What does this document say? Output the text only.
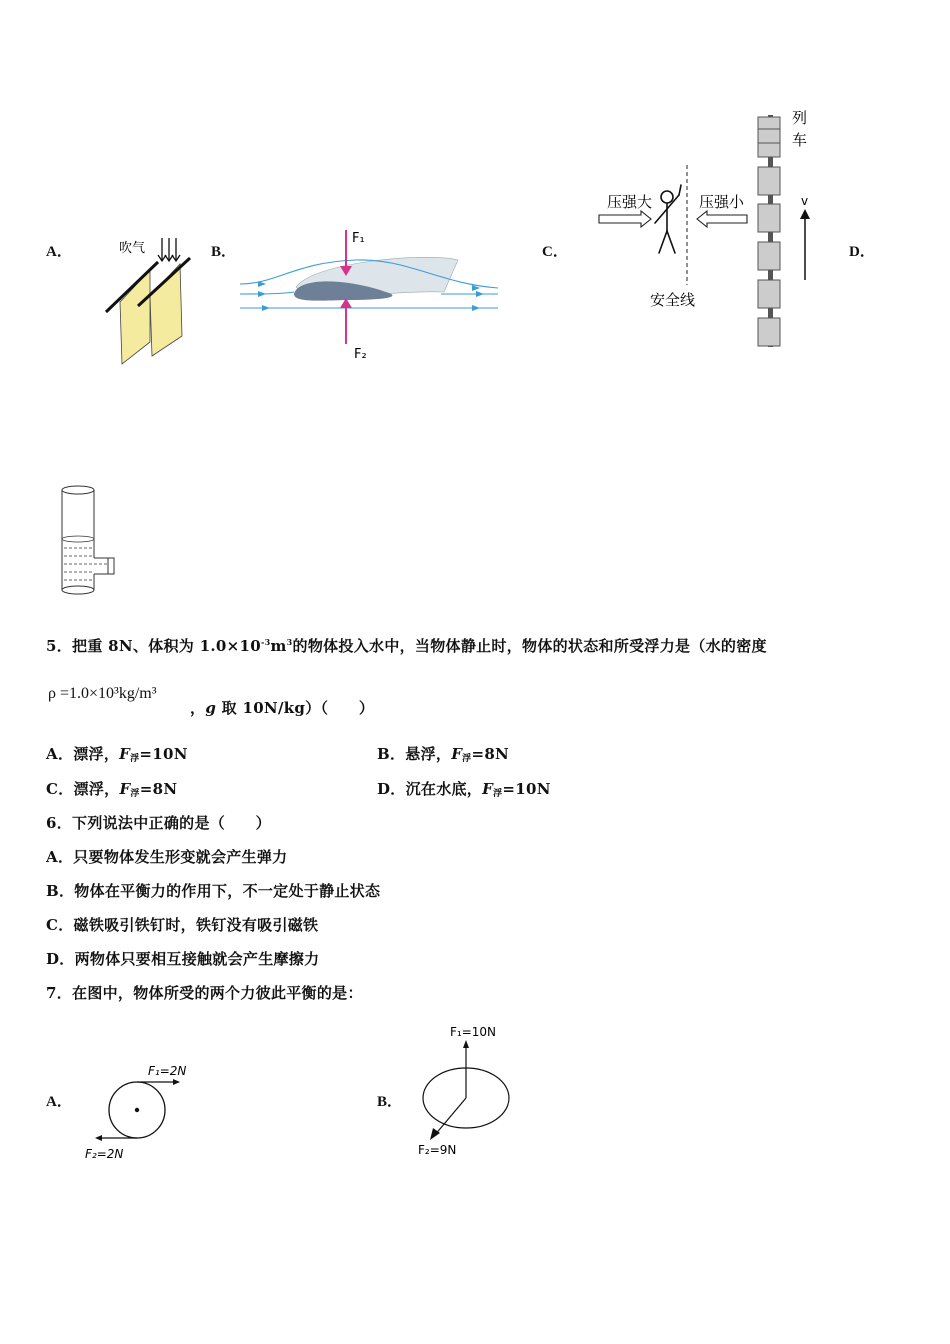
A．	B．	C．	D．
吹气
F₁
F₂
压强大	压强小
安全线
列车
v
5．把重 8N、体积为 $1.0\times 10^{-3}m^3$的物体投入水中，当物体静止时，物体的状态和所受浮力是（水的密度
ρ =1.0×10³kg/m³
，g 取 10N/kg）（　　）
A．漂浮，$F_浮=10N$	B．悬浮，$F_浮=8N$
C．漂浮，$F_浮=8N$	D．沉在水底，$F_浮=10N$
6．下列说法中正确的是（　　）
A．只要物体发生形变就会产生弹力
B．物体在平衡力的作用下，不一定处于静止状态
C．磁铁吸引铁钉时，铁钉没有吸引磁铁
D．两物体只要相互接触就会产生摩擦力
7．在图中，物体所受的两个力彼此平衡的是：
A．	B．
F₁=2N
F₂=2N
F₁=10N
F₂=9N
